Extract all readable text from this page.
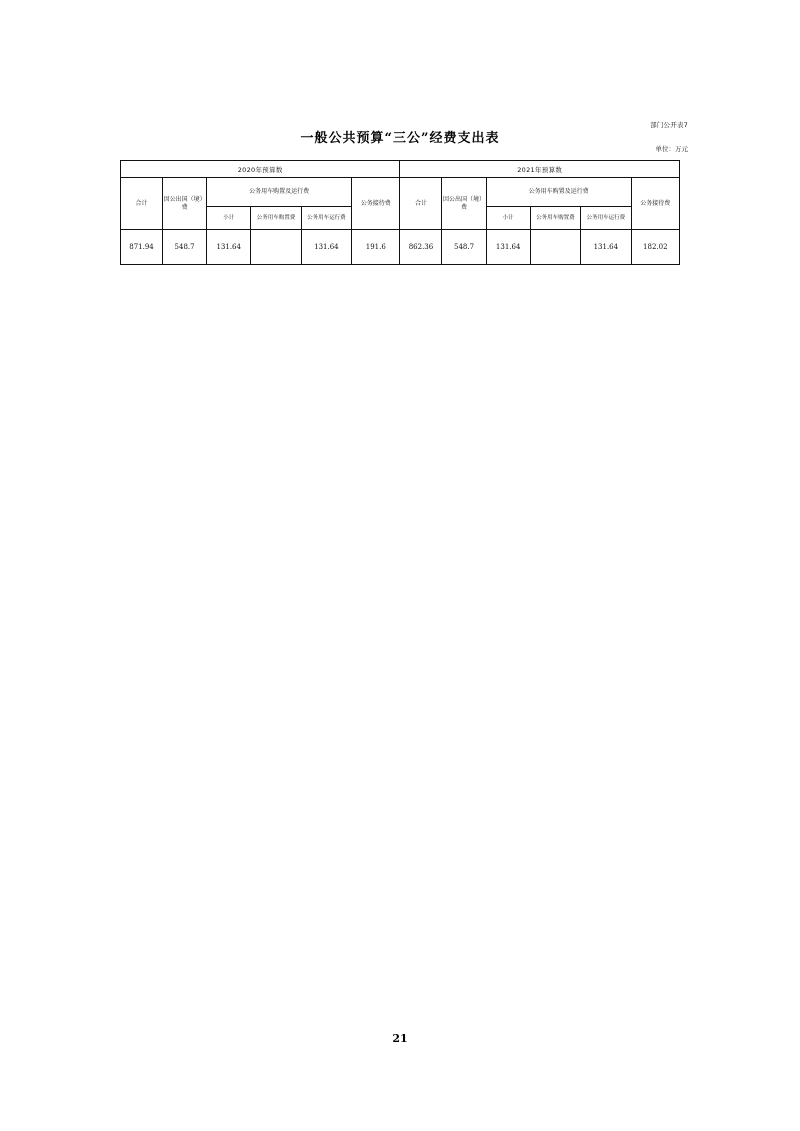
部门公开表7
一般公共预算“三公”经费支出表
单位：万元
2020年预算数						2021年预算数					
合计	因公出国（境）费	公务用车购置及运行费			公务接待费	合计	因公出国（境）费	公务用车购置及运行费			公务接待费
		小计	公务用车购置费	公务用车运行费				小计	公务用车购置费	公务用车运行费	
871.94	548.7	131.64		131.64	191.6	862.36	548.7	131.64		131.64	182.02
21
